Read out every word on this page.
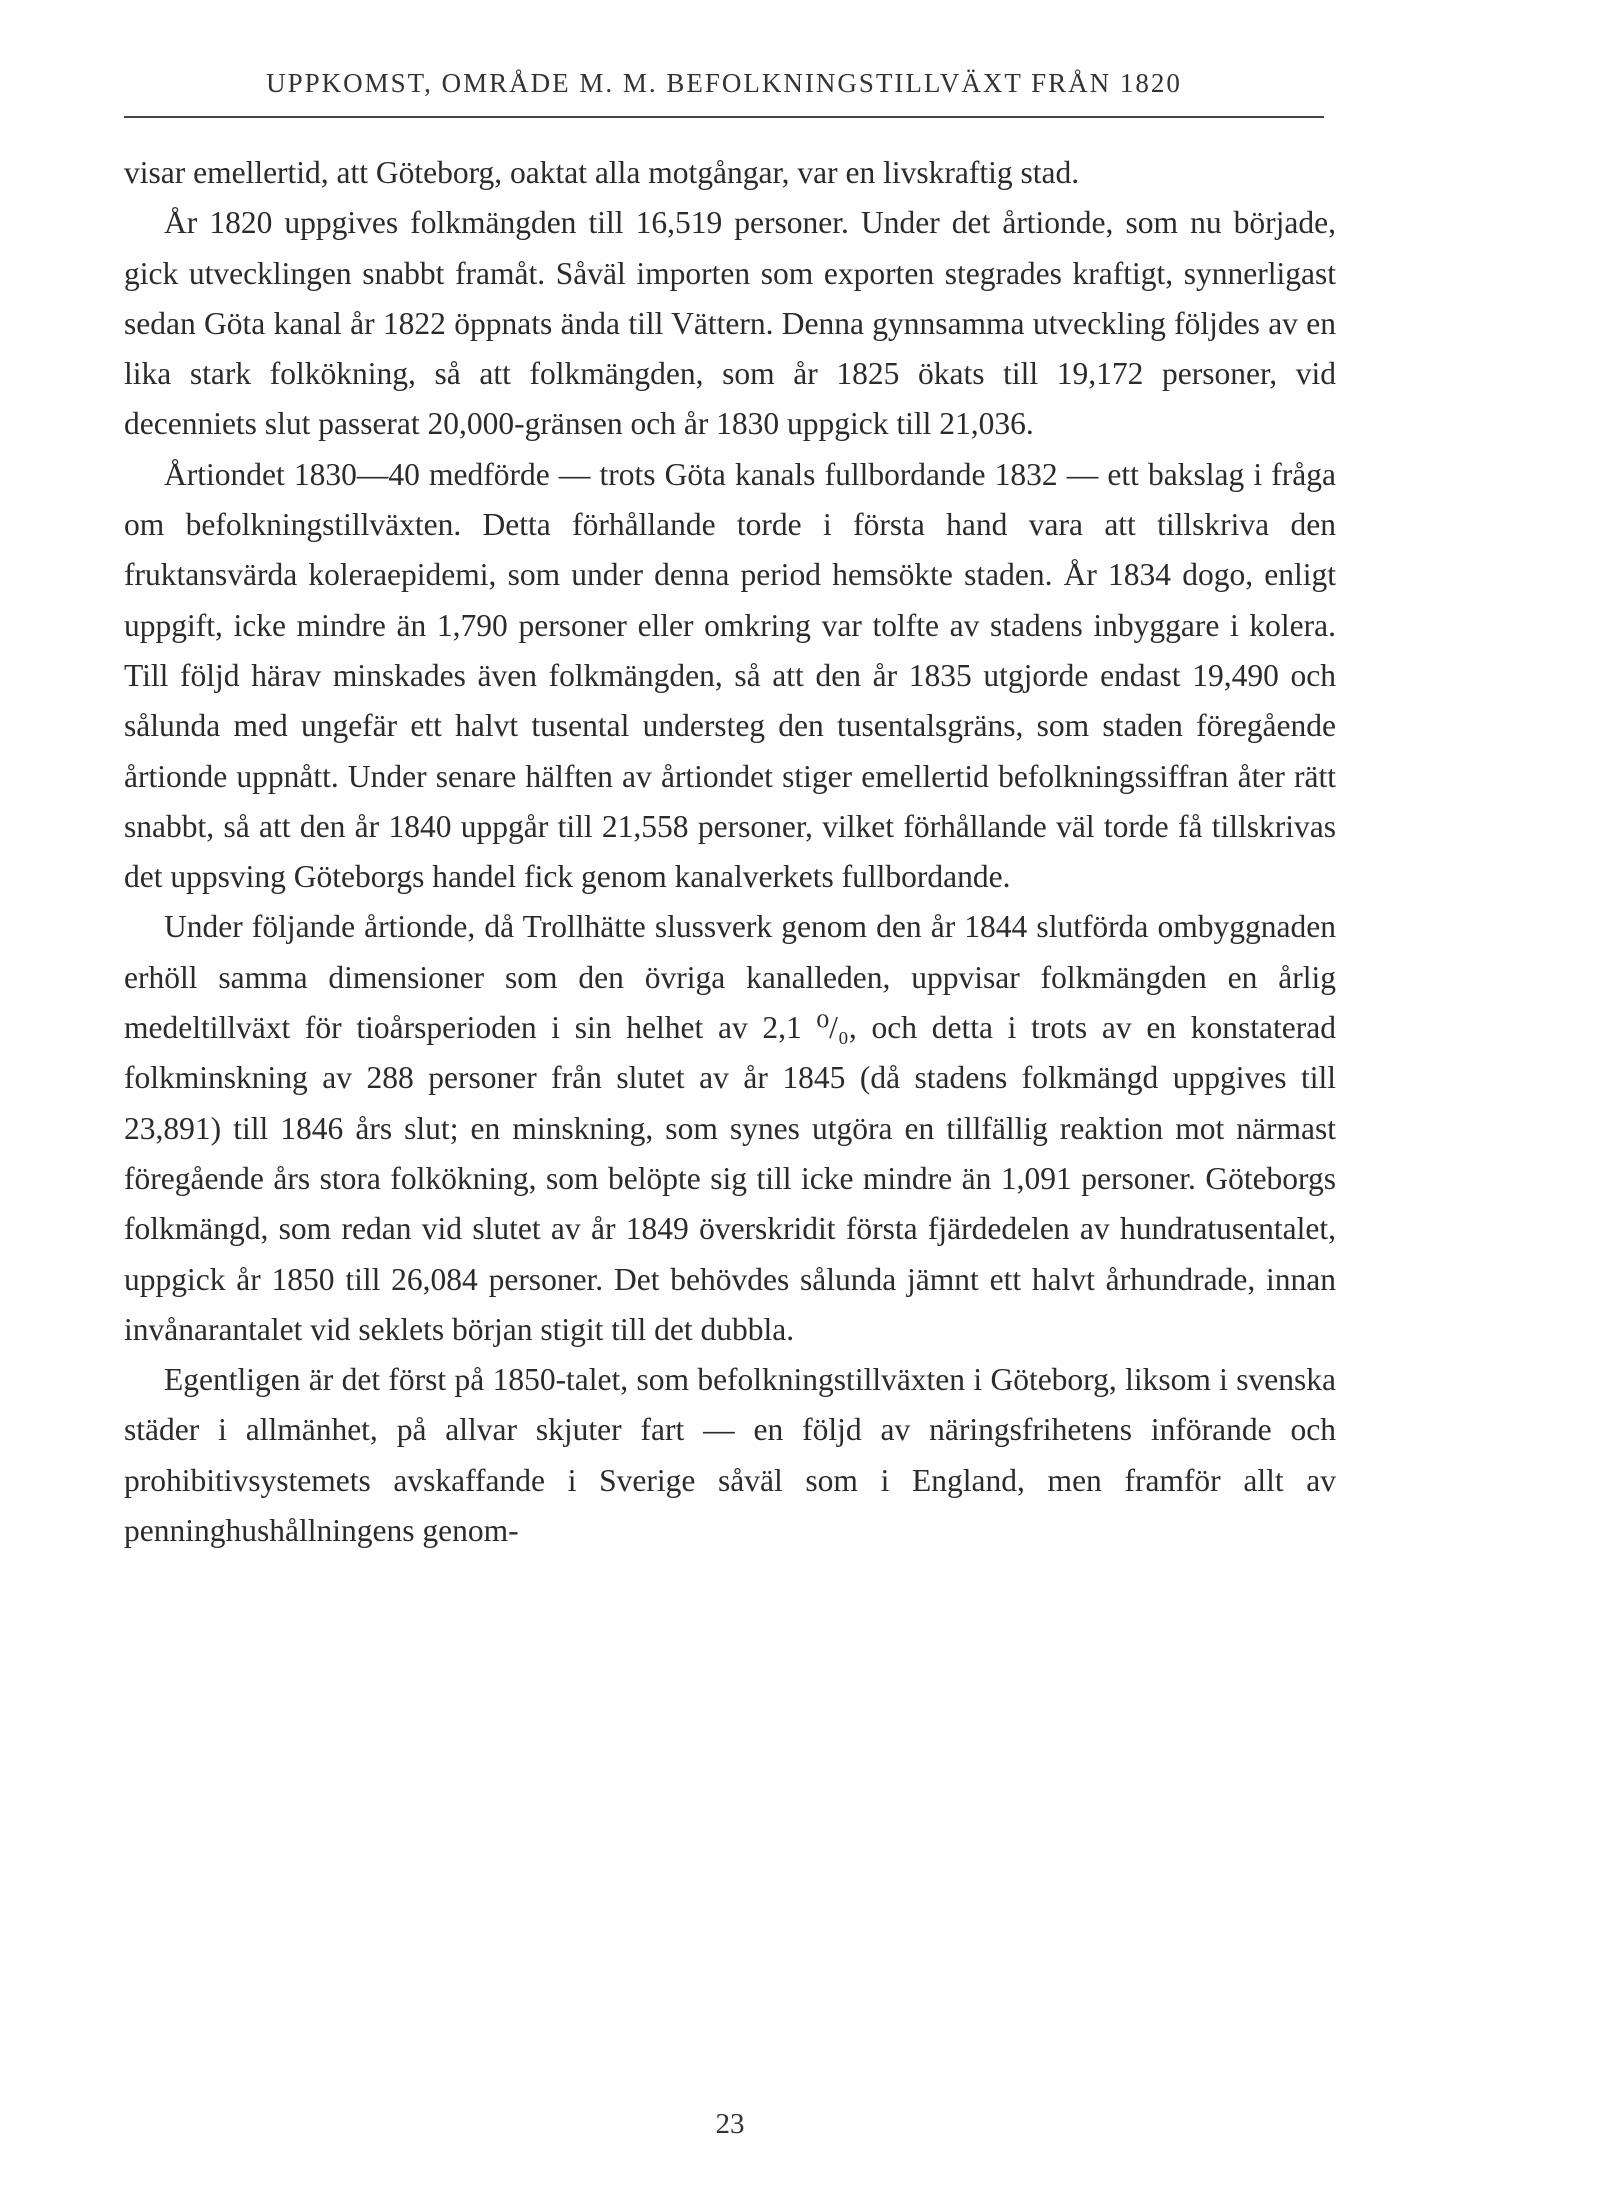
UPPKOMST, OMRÅDE M. M. BEFOLKNINGSTILLVÄXT FRÅN 1820

visar emellertid, att Göteborg, oaktat alla motgångar, var en livskraftig stad.

År 1820 uppgives folkmängden till 16,519 personer. Under det årtionde, som nu började, gick utvecklingen snabbt framåt. Såväl importen som exporten stegrades kraftigt, synnerligast sedan Göta kanal år 1822 öppnats ända till Vättern. Denna gynnsamma utveckling följdes av en lika stark folkökning, så att folkmängden, som år 1825 ökats till 19,172 personer, vid decenniets slut passerat 20,000-gränsen och år 1830 uppgick till 21,036.

Årtiondet 1830—40 medförde — trots Göta kanals fullbordande 1832 — ett bakslag i fråga om befolkningstillväxten. Detta förhållande torde i första hand vara att tillskriva den fruktansvärda koleraepidemi, som under denna period hemsökte staden. År 1834 dogo, enligt uppgift, icke mindre än 1,790 personer eller omkring var tolfte av stadens inbyggare i kolera. Till följd härav minskades även folkmängden, så att den år 1835 utgjorde endast 19,490 och sålunda med ungefär ett halvt tusental understeg den tusentalsgräns, som staden föregående årtionde uppnått. Under senare hälften av årtiondet stiger emellertid befolkningssiffran åter rätt snabbt, så att den år 1840 uppgår till 21,558 personer, vilket förhållande väl torde få tillskrivas det uppsving Göteborgs handel fick genom kanalverkets fullbordande.

Under följande årtionde, då Trollhätte slussverk genom den år 1844 slutförda ombyggnaden erhöll samma dimensioner som den övriga kanalleden, uppvisar folkmängden en årlig medeltillväxt för tioårsperioden i sin helhet av 2,1 ⁰/₀, och detta i trots av en konstaterad folkminskning av 288 personer från slutet av år 1845 (då stadens folkmängd uppgives till 23,891) till 1846 års slut; en minskning, som synes utgöra en tillfällig reaktion mot närmast föregående års stora folkökning, som belöpte sig till icke mindre än 1,091 personer. Göteborgs folkmängd, som redan vid slutet av år 1849 överskridit första fjärdedelen av hundratusentalet, uppgick år 1850 till 26,084 personer. Det behövdes sålunda jämnt ett halvt århundrade, innan invånarantalet vid seklets början stigit till det dubbla.

Egentligen är det först på 1850-talet, som befolkningstillväxten i Göteborg, liksom i svenska städer i allmänhet, på allvar skjuter fart — en följd av näringsfrihetens införande och prohibitivsystemets avskaffande i Sverige såväl som i England, men framför allt av penninghushållningens genom-

23
